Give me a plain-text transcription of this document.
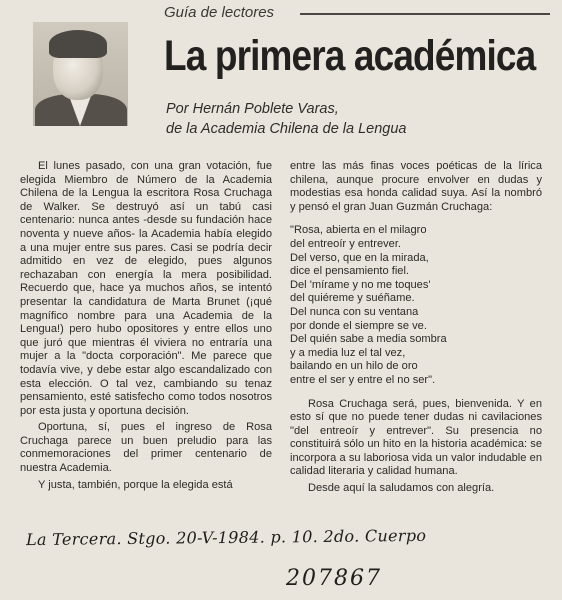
Guía de lectores
La primera académica
Por Hernán Poblete Varas,
de la Academia Chilena de la Lengua

El lunes pasado, con una gran votación, fue elegida Miembro de Número de la Academia Chilena de la Lengua la escritora Rosa Cruchaga de Walker. Se destruyó así un tabú casi centenario: nunca antes -desde su fundación hace noventa y nueve años- la Academia había elegido a una mujer entre sus pares. Casi se podría decir admitido en vez de elegido, pues algunos rechazaban con energía la mera posibilidad. Recuerdo que, hace ya muchos años, se intentó presentar la candidatura de Marta Brunet (¡qué magnífico nombre para una Academia de la Lengua!) pero hubo opositores y entre ellos uno que juró que mientras él viviera no entraría una mujer a la "docta corporación". Me parece que todavía vive, y debe estar algo escandalizado con esta elección. O tal vez, cambiando su tenaz pensamiento, esté satisfecho como todos nosotros por esta justa y oportuna decisión.

Oportuna, sí, pues el ingreso de Rosa Cruchaga parece un buen preludio para las conmemoraciones del primer centenario de nuestra Academia.

Y justa, también, porque la elegida está

entre las más finas voces poéticas de la lírica chilena, aunque procure envolver en dudas y modestias esa honda calidad suya. Así la nombró y pensó el gran Juan Guzmán Cruchaga:

"Rosa, abierta en el milagro
del entreoír y entrever.
Del verso, que en la mirada,
dice el pensamiento fiel.
Del 'mírame y no me toques'
del quiéreme y suéñame.
Del nunca con su ventana
por donde el siempre se ve.
Del quién sabe a media sombra
y a media luz el tal vez,
bailando en un hilo de oro
entre el ser y entre el no ser".

Rosa Cruchaga será, pues, bienvenida. Y en esto sí que no puede tener dudas ni cavilaciones "del entreoír y entrever". Su presencia no constituirá sólo un hito en la historia académica: se incorpora a su laboriosa vida un valor indudable en calidad literaria y calidad humana.

Desde aquí la saludamos con alegría.

La Tercera. Stgo. 20-V-1984. p. 10. 2do. Cuerpo
207867
